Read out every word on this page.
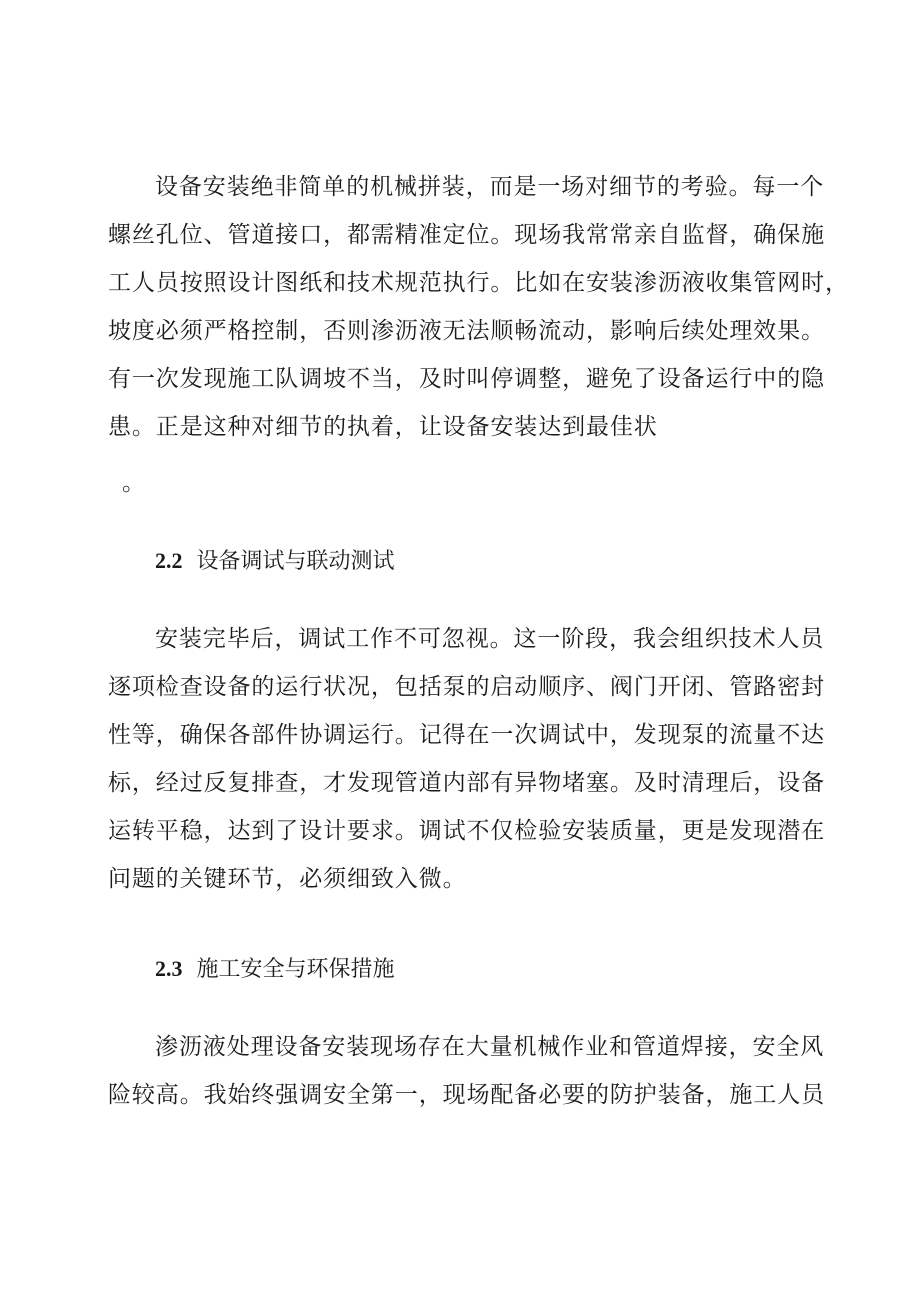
设备安装绝非简单的机械拼装，而是一场对细节的考验。每一个
螺丝孔位、管道接口，都需精准定位。现场我常常亲自监督，确保施
工人员按照设计图纸和技术规范执行。比如在安装渗沥液收集管网时，
坡度必须严格控制，否则渗沥液无法顺畅流动，影响后续处理效果。
有一次发现施工队调坡不当，及时叫停调整，避免了设备运行中的隐
患。正是这种对细节的执着，让设备安装达到最佳状
。
2.2 设备调试与联动测试
安装完毕后，调试工作不可忽视。这一阶段，我会组织技术人员
逐项检查设备的运行状况，包括泵的启动顺序、阀门开闭、管路密封
性等，确保各部件协调运行。记得在一次调试中，发现泵的流量不达
标，经过反复排查，才发现管道内部有异物堵塞。及时清理后，设备
运转平稳，达到了设计要求。调试不仅检验安装质量，更是发现潜在
问题的关键环节，必须细致入微。
2.3 施工安全与环保措施
渗沥液处理设备安装现场存在大量机械作业和管道焊接，安全风
险较高。我始终强调安全第一，现场配备必要的防护装备，施工人员
